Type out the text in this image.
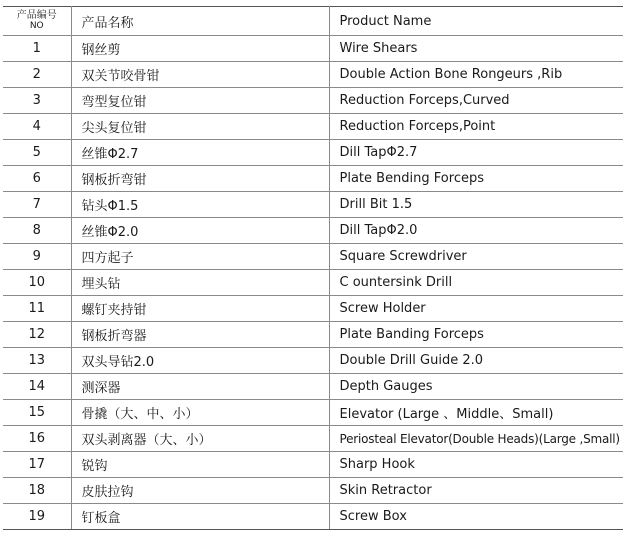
产品编号
NO	产品名称	Product Name
1	钢丝剪	Wire Shears
2	双关节咬骨钳	Double Action Bone Rongeurs ,Rib
3	弯型复位钳	Reduction Forceps,Curved
4	尖头复位钳	Reduction Forceps,Point
5	丝锥Φ2.7	Dill TapΦ2.7
6	钢板折弯钳	Plate Bending Forceps
7	钻头Φ1.5	Drill Bit 1.5
8	丝锥Φ2.0	Dill TapΦ2.0
9	四方起子	Square Screwdriver
10	埋头钻	C ountersink Drill
11	螺钉夹持钳	Screw Holder
12	钢板折弯器	Plate Banding Forceps
13	双头导钻2.0	Double Drill Guide 2.0
14	测深器	Depth Gauges
15	骨撬（大、中、小）	Elevator (Large 、Middle、Small)
16	双头剥离器（大、小）	Periosteal Elevator(Double Heads)(Large ,Small)
17	锐钩	Sharp Hook
18	皮肤拉钩	Skin Retractor
19	钉板盒	Screw Box
